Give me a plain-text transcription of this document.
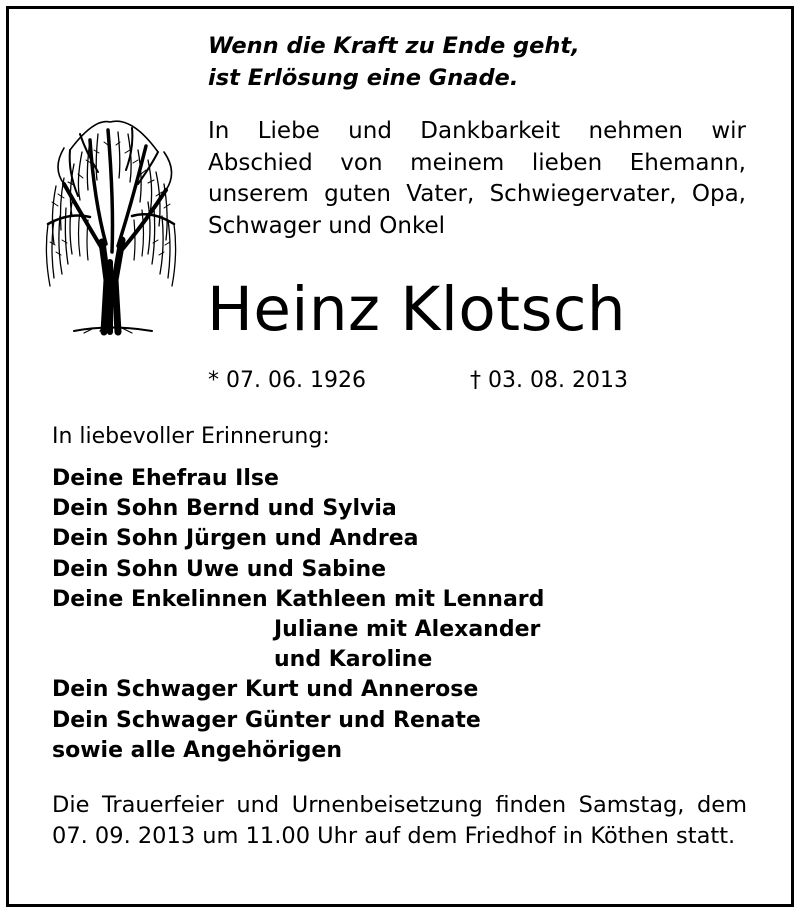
Wenn die Kraft zu Ende geht,
ist Erlösung eine Gnade.
In Liebe und Dankbarkeit nehmen wir Abschied von meinem lieben Ehemann, unserem guten Vater, Schwiegervater, Opa, Schwager und Onkel
Heinz Klotsch
* 07. 06. 1926	† 03. 08. 2013
In liebevoller Erinnerung:
Deine Ehefrau Ilse
Dein Sohn Bernd und Sylvia
Dein Sohn Jürgen und Andrea
Dein Sohn Uwe und Sabine
Deine Enkelinnen Kathleen mit Lennard
Juliane mit Alexander
und Karoline
Dein Schwager Kurt und Annerose
Dein Schwager Günter und Renate
sowie alle Angehörigen
Die Trauerfeier und Urnenbeisetzung finden Samstag, dem 07. 09. 2013 um 11.00 Uhr auf dem Friedhof in Köthen statt.
